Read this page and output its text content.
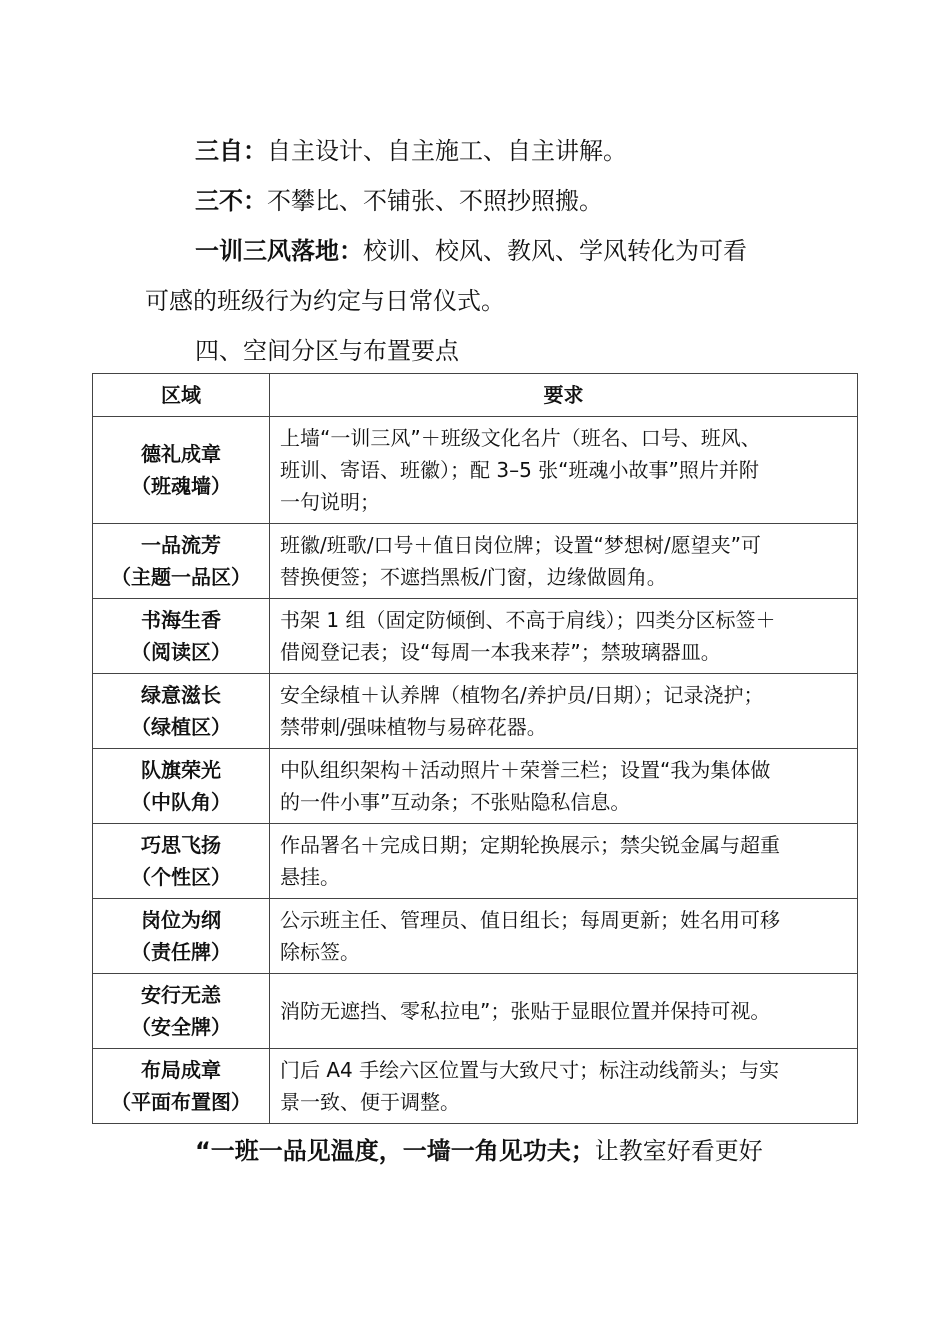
三自：自主设计、自主施工、自主讲解。
三不：不攀比、不铺张、不照抄照搬。
一训三风落地：校训、校风、教风、学风转化为可看
可感的班级行为约定与日常仪式。
四、空间分区与布置要点
区域	要求

德礼成章
（班魂墙）	上墙“一训三风”＋班级文化名片（班名、口号、班风、
班训、寄语、班徽）；配 3–5 张“班魂小故事”照片并附
一句说明；

一品流芳
（主题一品区）	班徽/班歌/口号＋值日岗位牌；设置“梦想树/愿望夹”可
替换便签；不遮挡黑板/门窗，边缘做圆角。

书海生香
（阅读区）	书架 1 组（固定防倾倒、不高于肩线）；四类分区标签＋
借阅登记表；设“每周一本我来荐”；禁玻璃器皿。

绿意滋长
（绿植区）	安全绿植＋认养牌（植物名/养护员/日期）；记录浇护；
禁带刺/强味植物与易碎花器。

队旗荣光
（中队角）	中队组织架构＋活动照片＋荣誉三栏；设置“我为集体做
的一件小事”互动条；不张贴隐私信息。

巧思飞扬
（个性区）	作品署名＋完成日期；定期轮换展示；禁尖锐金属与超重
悬挂。

岗位为纲
（责任牌）	公示班主任、管理员、值日组长；每周更新；姓名用可移
除标签。

安行无恙
（安全牌）	消防无遮挡、零私拉电”；张贴于显眼位置并保持可视。

布局成章
（平面布置图）	门后 A4 手绘六区位置与大致尺寸；标注动线箭头；与实
景一致、便于调整。
“一班一品见温度，一墙一角见功夫；让教室好看更好
